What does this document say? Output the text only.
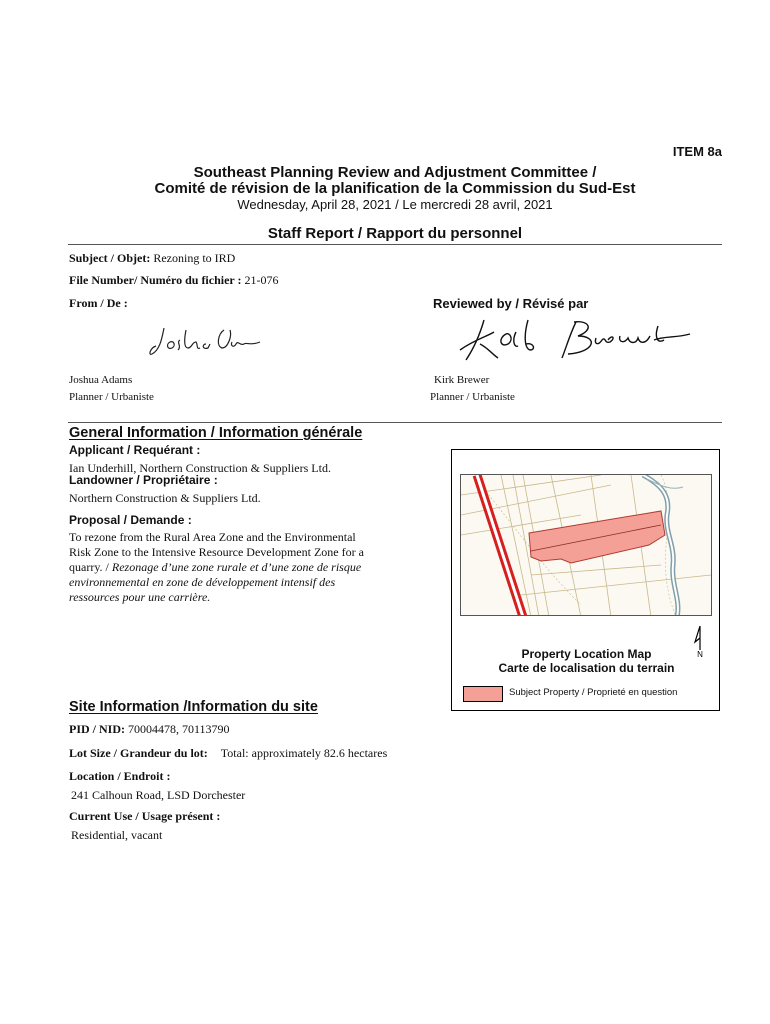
ITEM 8a
Southeast Planning Review and Adjustment Committee /
Comité de révision de la planification de la Commission du Sud-Est
Wednesday, April 28, 2021 / Le mercredi 28 avril, 2021
Staff Report / Rapport du personnel
Subject / Objet: Rezoning to IRD
File Number/ Numéro du fichier : 21-076
From / De :	Reviewed by / Révisé par
Joshua Adams
Planner / Urbaniste
Kirk Brewer
Planner / Urbaniste
General Information / Information générale
Applicant / Requérant :
Ian Underhill, Northern Construction & Suppliers Ltd.
Landowner / Propriétaire :
Northern Construction & Suppliers Ltd.
Proposal / Demande :
To rezone from the Rural Area Zone and the Environmental
Risk Zone to the Intensive Resource Development Zone for a
quarry. / Rezonage d’une zone rurale et d’une zone de risque
environnemental en zone de développement intensif des
ressources pour une carrière.
Property Location Map
Carte de localisation du terrain
N
Subject Property / Proprieté en question
Site Information /Information du site
PID / NID: 70004478, 70113790
Lot Size / Grandeur du lot: Total: approximately 82.6 hectares
Location / Endroit :
241 Calhoun Road, LSD Dorchester
Current Use / Usage présent :
Residential, vacant
